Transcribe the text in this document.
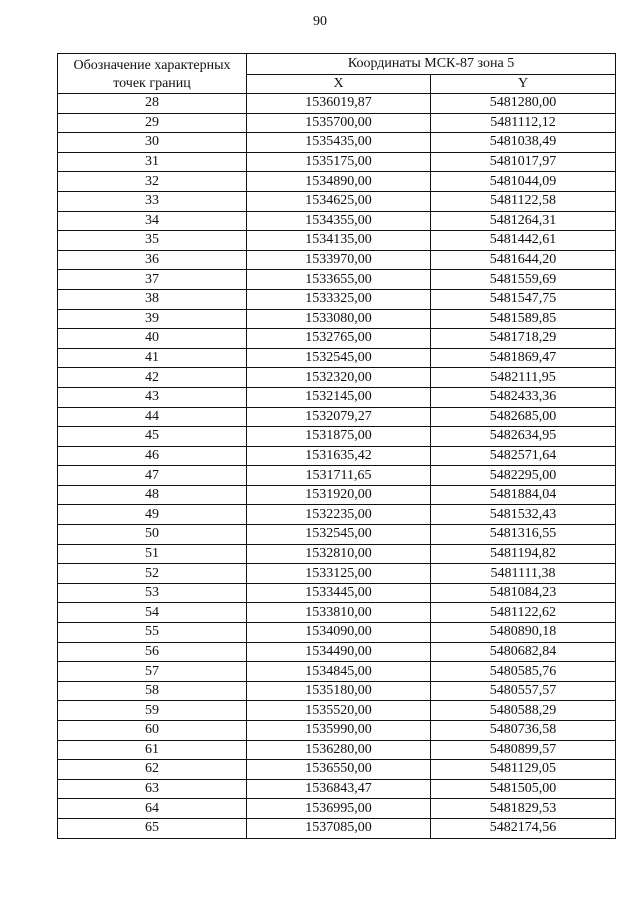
90
Обозначение характерных
точек границ	Координаты МСК-87 зона 5	
	X	Y
28	1536019,87	5481280,00
29	1535700,00	5481112,12
30	1535435,00	5481038,49
31	1535175,00	5481017,97
32	1534890,00	5481044,09
33	1534625,00	5481122,58
34	1534355,00	5481264,31
35	1534135,00	5481442,61
36	1533970,00	5481644,20
37	1533655,00	5481559,69
38	1533325,00	5481547,75
39	1533080,00	5481589,85
40	1532765,00	5481718,29
41	1532545,00	5481869,47
42	1532320,00	5482111,95
43	1532145,00	5482433,36
44	1532079,27	5482685,00
45	1531875,00	5482634,95
46	1531635,42	5482571,64
47	1531711,65	5482295,00
48	1531920,00	5481884,04
49	1532235,00	5481532,43
50	1532545,00	5481316,55
51	1532810,00	5481194,82
52	1533125,00	5481111,38
53	1533445,00	5481084,23
54	1533810,00	5481122,62
55	1534090,00	5480890,18
56	1534490,00	5480682,84
57	1534845,00	5480585,76
58	1535180,00	5480557,57
59	1535520,00	5480588,29
60	1535990,00	5480736,58
61	1536280,00	5480899,57
62	1536550,00	5481129,05
63	1536843,47	5481505,00
64	1536995,00	5481829,53
65	1537085,00	5482174,56
